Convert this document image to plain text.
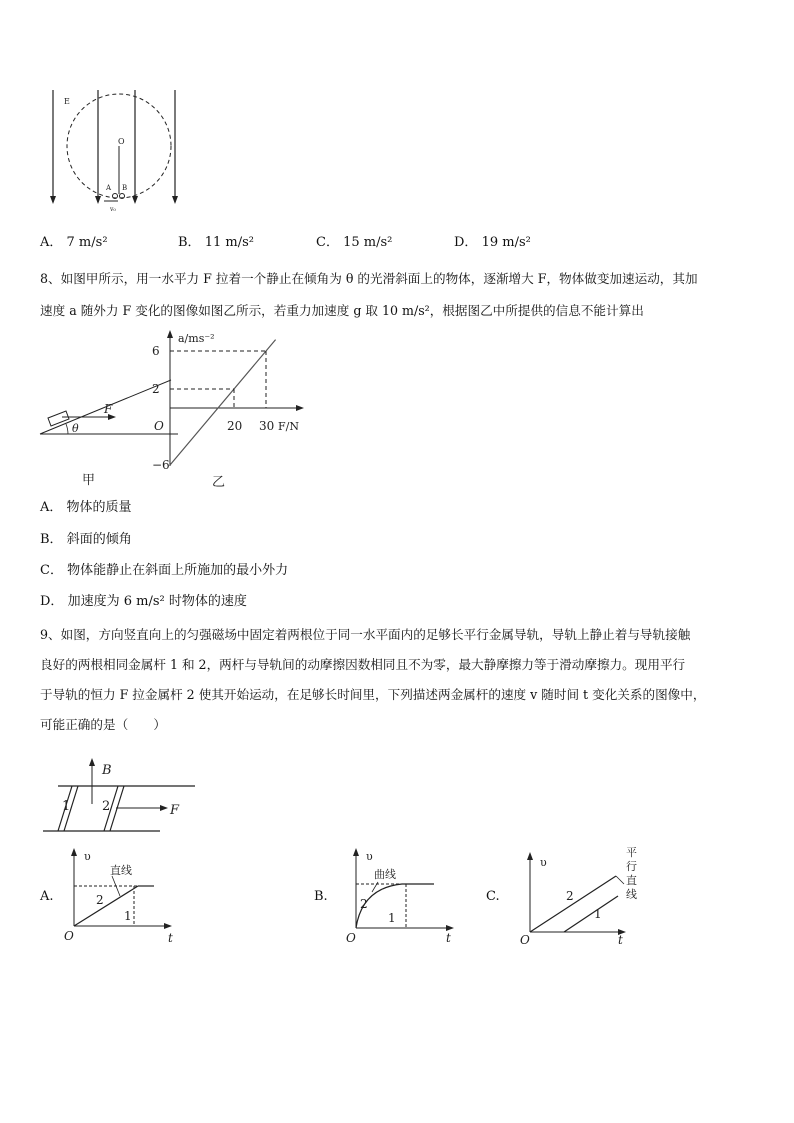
E
O
A B
v₀
A． 7 m/s²	B． 11 m/s²	C． 15 m/s²	D． 19 m/s²
8、如图甲所示，用一水平力 F 拉着一个静止在倾角为 θ 的光滑斜面上的物体，逐渐增大 F，物体做变加速运动，其加
速度 a 随外力 F 变化的图像如图乙所示，若重力加速度 g 取 10 m/s²，根据图乙中所提供的信息不能计算出
F
θ
甲
6
2
−6
20 30
a/ms⁻²
F/N
O
乙
A． 物体的质量
B． 斜面的倾角
C． 物体能静止在斜面上所施加的最小外力
D． 加速度为 6 m/s² 时物体的速度
9、如图，方向竖直向上的匀强磁场中固定着两根位于同一水平面内的足够长平行金属导轨，导轨上静止着与导轨接触
良好的两根相同金属杆 1 和 2，两杆与导轨间的动摩擦因数相同且不为零，最大静摩擦力等于滑动摩擦力。现用平行
于导轨的恒力 F 拉金属杆 2 使其开始运动，在足够长时间里，下列描述两金属杆的速度 v 随时间 t 变化关系的图像中，
可能正确的是（　　）
B
F
1 2
A.
直线
υ
t
O
2
1
B.
曲线
υ
t
O
2
1
C.
平 行 直 线
υ
t
O
2
1
